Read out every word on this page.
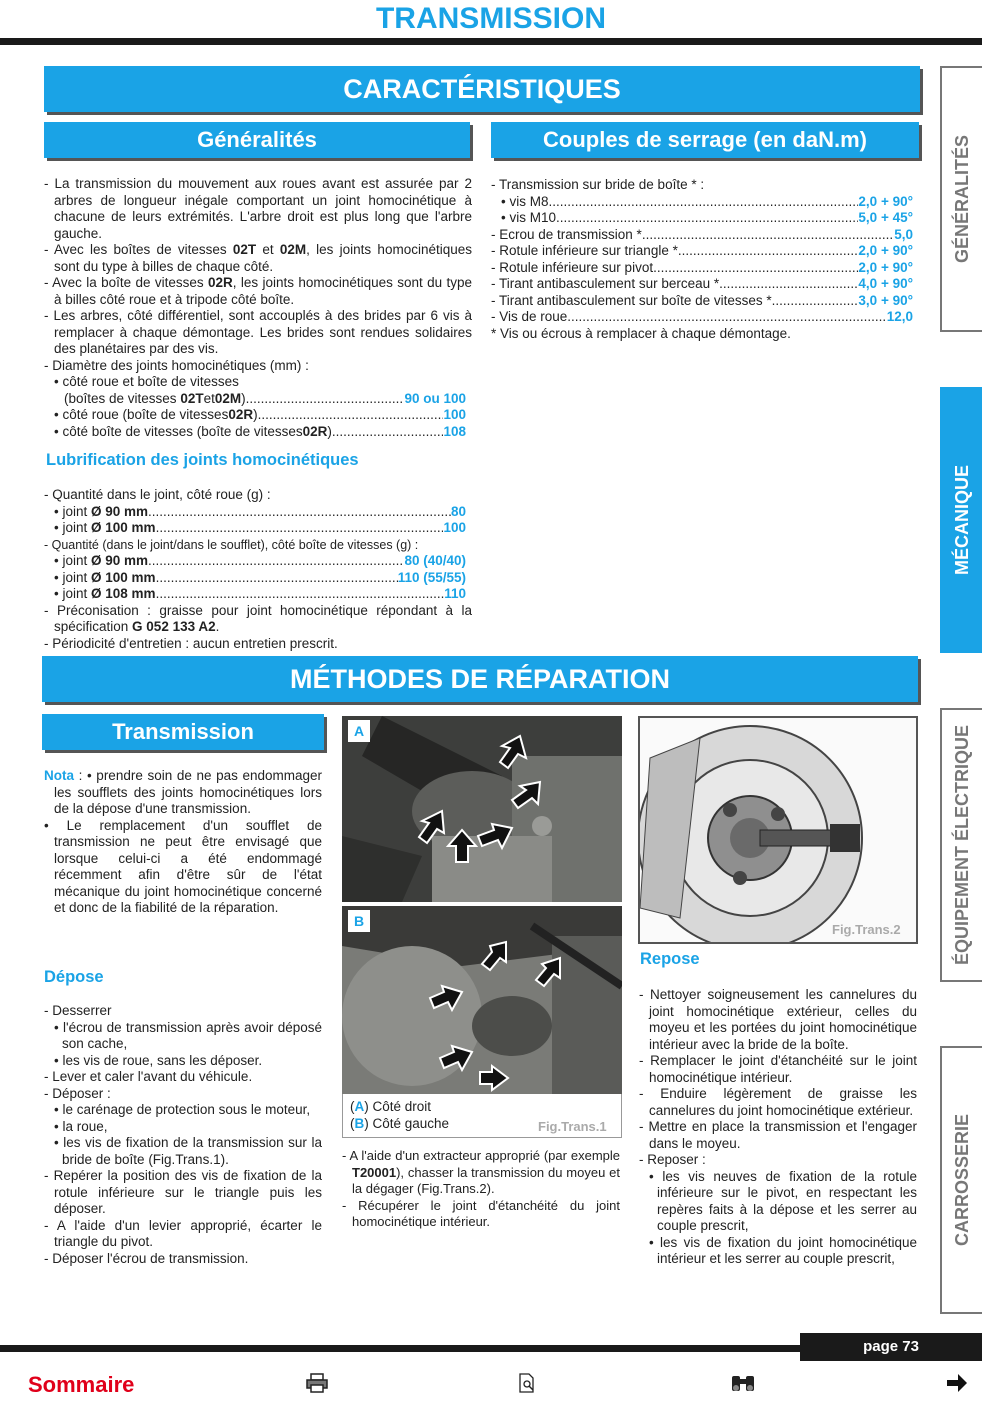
TRANSMISSION
CARACTÉRISTIQUES
Généralités

- La transmission du mouvement aux roues avant est assurée par 2 arbres de longueur inégale comportant un joint homocinétique à chacune de leurs extrémités. L'arbre droit est plus long que l'arbre gauche.

- Avec les boîtes de vitesses 02T et 02M, les joints homocinétiques sont du type à billes de chaque côté.

- Avec la boîte de vitesses 02R, les joints homocinétiques sont du type à billes côté roue et à tripode côté boîte.

- Les arbres, côté différentiel, sont accouplés à des brides par 6 vis à remplacer à chaque démontage. Les brides sont rendues solidaires des planétaires par des vis.

- Diamètre des joints homocinétiques (mm) :

• côté roue et boîte de vitesses

( boîtes de vitesses 02T et 02M ) .....	90 ou 100
• côté roue (boîte de vitesses 02R ) .....	100
• côté boîte de vitesses (boîte de vitesses 02R ) .....	108
Lubrification des joints homocinétiques

- Quantité dans le joint, côté roue (g) :

• joint
Ø 90 mm .....	80
• joint
Ø 100 mm .....	100

- Quantité (dans le joint/dans le soufflet), côté boîte de vitesses (g) :

• joint
Ø 90 mm .....	80 (40/40)
• joint
Ø 100 mm .....	110 (55/55)
• joint
Ø 108 mm .....	110

- Préconisation : graisse pour joint homocinétique répondant à la spécification G 052 133 A2.

- Périodicité d'entretien : aucun entretien prescrit.

Couples de serrage (en daN.m)

- Transmission sur bride de boîte * :

• vis M8 .....	2,0 + 90°
• vis M10 .....	5,0 + 45°
- Ecrou de transmission * .....	5,0
- Rotule inférieure sur triangle * .....	2,0 + 90°
- Rotule inférieure sur pivot .....	2,0 + 90°
- Tirant antibasculement sur berceau * .....	4,0 + 90°
- Tirant antibasculement sur boîte de vitesses * .....	3,0 + 90°
- Vis de roue .....	12,0

* Vis ou écrous à remplacer à chaque démontage.

MÉTHODES DE RÉPARATION
Transmission

Nota : • prendre soin de ne pas endommager les soufflets des joints homocinétiques lors de la dépose d'une transmission.

• Le remplacement d'un soufflet de transmission ne peut être envisagé que lorsque celui-ci a été endommagé récemment afin d'être sûr de l'état mécanique du joint homocinétique concerné et donc de la fiabilité de la réparation.

Dépose

- Desserrer

• l'écrou de transmission après avoir déposé son cache,

• les vis de roue, sans les déposer.

- Lever et caler l'avant du véhicule.

- Déposer :

• le carénage de protection sous le moteur,

• la roue,

• les vis de fixation de la transmission sur la bride de boîte (Fig.Trans.1).

- Repérer la position des vis de fixation de la rotule inférieure sur le triangle puis les déposer.

- A l'aide d'un levier approprié, écarter le triangle du pivot.

- Déposer l'écrou de transmission.

A
B
(A) Côté droit
(B) Côté gauche	Fig.Trans.1

- A l'aide d'un extracteur approprié (par exemple T20001), chasser la transmission du moyeu et la dégager (Fig.Trans.2).

- Récupérer le joint d'étanchéité du joint homocinétique intérieur.

Fig.Trans.2
Repose

- Nettoyer soigneusement les cannelures du joint homocinétique extérieur, celles du moyeu et les portées du joint homocinétique intérieur avec la bride de la boîte.

- Remplacer le joint d'étanchéité sur le joint homocinétique intérieur.

- Enduire légèrement de graisse les cannelures du joint homocinétique extérieur.

- Mettre en place la transmission et l'engager dans le moyeu.

- Reposer :

• les vis neuves de fixation de la rotule inférieure sur le pivot, en respectant les repères faits à la dépose et les serrer au couple prescrit,

• les vis de fixation du joint homocinétique intérieur et les serrer au couple prescrit,

GÉNÉRALITÉS
MÉCANIQUE
ÉQUIPEMENT ÉLECTRIQUE
CARROSSERIE
page 73
Sommaire
